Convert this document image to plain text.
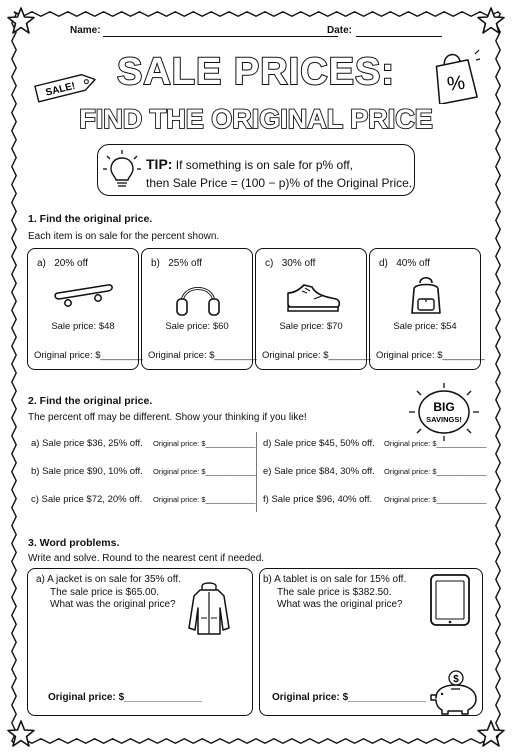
Name:	Date:
SALE PRICES:
FIND THE ORIGINAL PRICE
SALE!	%
TIP: If something is on sale for p% off,
then Sale Price = (100 − p)% of the Original Price.
1. Find the original price.
Each item is on sale for the percent shown.
a) 20% off
Sale price: $48
Original price: $________
b) 25% off
Sale price: $60
Original price: $________
c) 30% off
Sale price: $70
Original price: $________
d) 40% off
Sale price: $54
Original price: $________
2. Find the original price.
The percent off may be different. Show your thinking if you like!
BIG
SAVINGS!
a) Sale price $36, 25% off. Original price: $____________
b) Sale price $90, 10% off. Original price: $____________
c) Sale price $72, 20% off. Original price: $____________
d) Sale price $45, 50% off. Original price: $____________
e) Sale price $84, 30% off. Original price: $____________
f) Sale price $96, 40% off. Original price: $____________
3. Word problems.
Write and solve. Round to the nearest cent if needed.
a) A jacket is on sale for 35% off.
The sale price is $65.00.
What was the original price?
Original price: $______________
b) A tablet is on sale for 15% off.
The sale price is $382.50.
What was the original price?
$
Original price: $______________
